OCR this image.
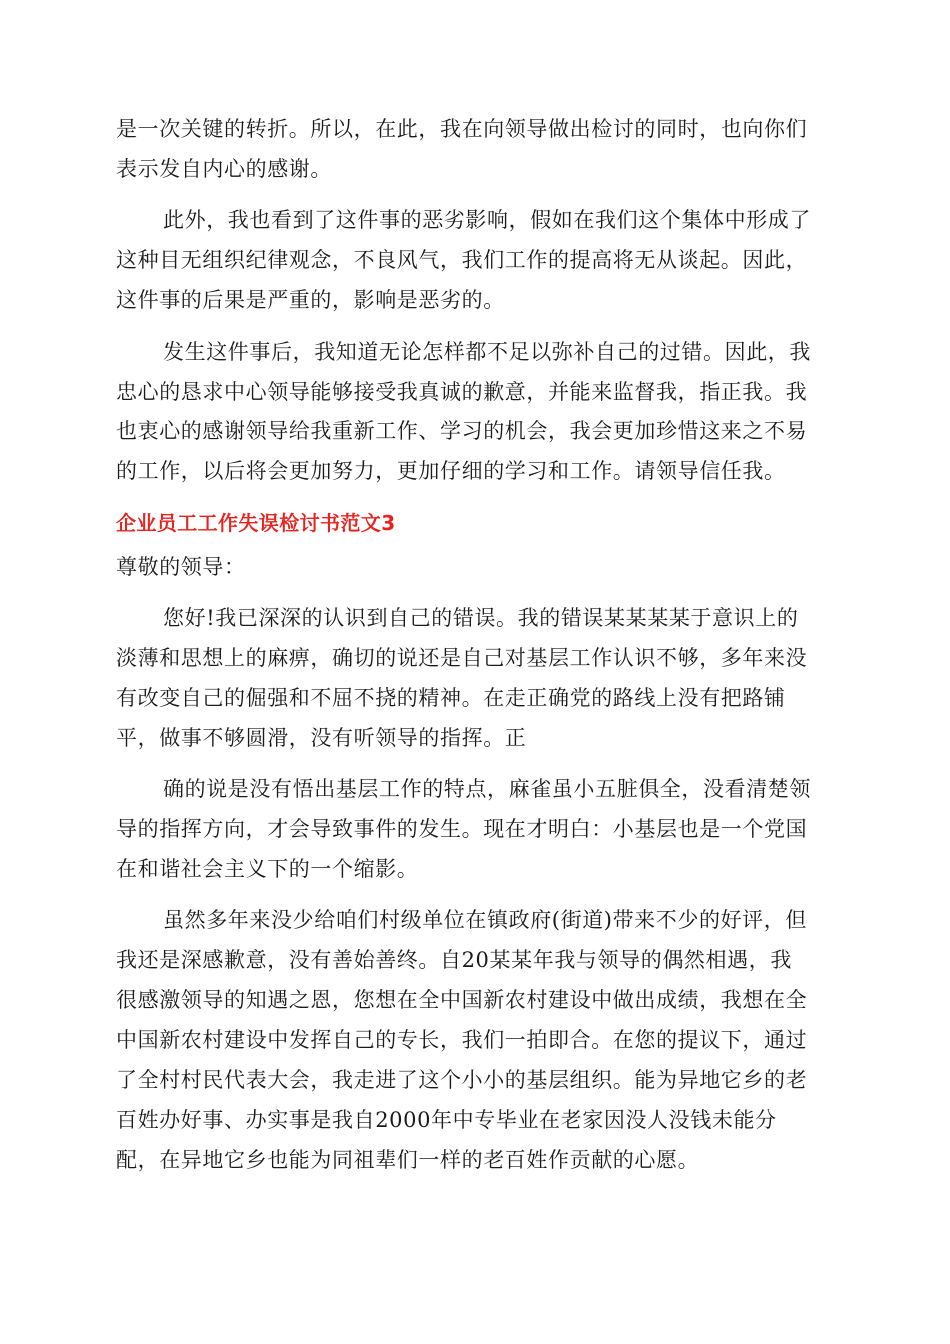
是一次关键的转折。所以，在此，我在向领导做出检讨的同时，也向你们
表示发自内心的感谢。
此外，我也看到了这件事的恶劣影响，假如在我们这个集体中形成了
这种目无组织纪律观念，不良风气，我们工作的提高将无从谈起。因此，
这件事的后果是严重的，影响是恶劣的。
发生这件事后，我知道无论怎样都不足以弥补自己的过错。因此，我
忠心的恳求中心领导能够接受我真诚的歉意，并能来监督我，指正我。我
也衷心的感谢领导给我重新工作、学习的机会，我会更加珍惜这来之不易
的工作，以后将会更加努力，更加仔细的学习和工作。请领导信任我。
企业员工工作失误检讨书范文3
尊敬的领导：
您好!我已深深的认识到自己的错误。我的错误某某某某于意识上的
淡薄和思想上的麻痹，确切的说还是自己对基层工作认识不够，多年来没
有改变自己的倔强和不屈不挠的精神。在走正确党的路线上没有把路铺
平，做事不够圆滑，没有听领导的指挥。正
确的说是没有悟出基层工作的特点，麻雀虽小五脏俱全，没看清楚领
导的指挥方向，才会导致事件的发生。现在才明白：小基层也是一个党国
在和谐社会主义下的一个缩影。
虽然多年来没少给咱们村级单位在镇政府(街道)带来不少的好评，但
我还是深感歉意，没有善始善终。自20某某年我与领导的偶然相遇，我
很感激领导的知遇之恩，您想在全中国新农村建设中做出成绩，我想在全
中国新农村建设中发挥自己的专长，我们一拍即合。在您的提议下，通过
了全村村民代表大会，我走进了这个小小的基层组织。能为异地它乡的老
百姓办好事、办实事是我自2000年中专毕业在老家因没人没钱未能分
配，在异地它乡也能为同祖辈们一样的老百姓作贡献的心愿。
